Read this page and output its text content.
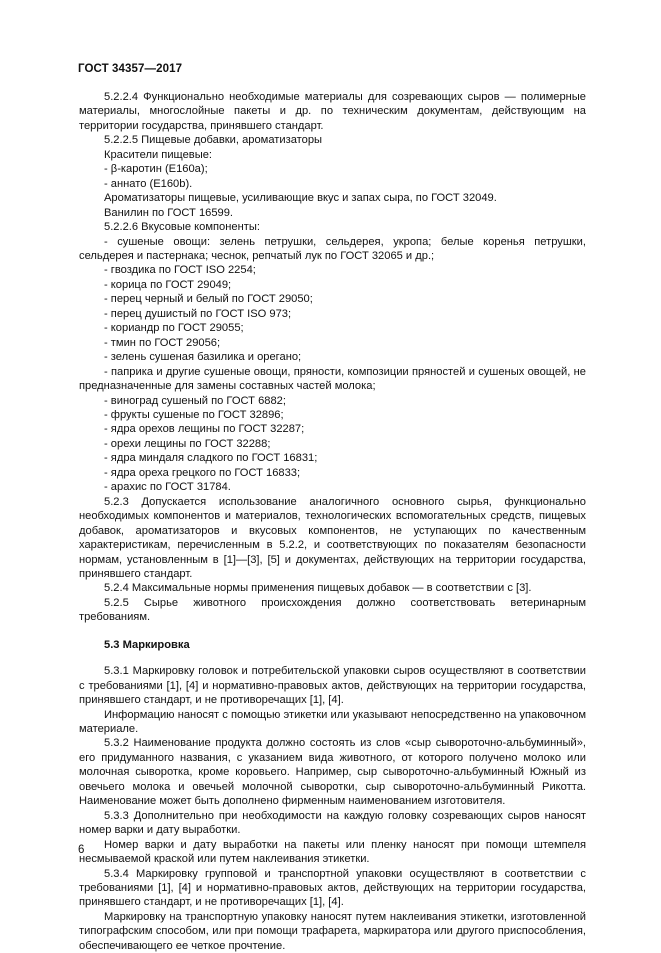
ГОСТ 34357—2017

5.2.2.4 Функционально необходимые материалы для созревающих сыров — полимерные материалы, многослойные пакеты и др. по техническим документам, действующим на территории государства, принявшего стандарт.

5.2.2.5 Пищевые добавки, ароматизаторы

Красители пищевые:

- β-каротин (Е160а);

- аннато (Е160b).

Ароматизаторы пищевые, усиливающие вкус и запах сыра, по ГОСТ 32049.

Ванилин по ГОСТ 16599.

5.2.2.6 Вкусовые компоненты:

- сушеные овощи: зелень петрушки, сельдерея, укропа; белые коренья петрушки, сельдерея и пастернака; чеснок, репчатый лук по ГОСТ 32065 и др.;

- гвоздика по ГОСТ ISO 2254;

- корица по ГОСТ 29049;

- перец черный и белый по ГОСТ 29050;

- перец душистый по ГОСТ ISO 973;

- кориандр по ГОСТ 29055;

- тмин по ГОСТ 29056;

- зелень сушеная базилика и орегано;

- паприка и другие сушеные овощи, пряности, композиции пряностей и сушеных овощей, не предназначенные для замены составных частей молока;

- виноград сушеный по ГОСТ 6882;

- фрукты сушеные по ГОСТ 32896;

- ядра орехов лещины по ГОСТ 32287;

- орехи лещины по ГОСТ 32288;

- ядра миндаля сладкого по ГОСТ 16831;

- ядра ореха грецкого по ГОСТ 16833;

- арахис по ГОСТ 31784.

5.2.3 Допускается использование аналогичного основного сырья, функционально необходимых компонентов и материалов, технологических вспомогательных средств, пищевых добавок, ароматизаторов и вкусовых компонентов, не уступающих по качественным характеристикам, перечисленным в 5.2.2, и соответствующих по показателям безопасности нормам, установленным в [1]—[3], [5] и документах, действующих на территории государства, принявшего стандарт.

5.2.4 Максимальные нормы применения пищевых добавок — в соответствии с [3].

5.2.5 Сырье животного происхождения должно соответствовать ветеринарным требованиям.

5.3 Маркировка

5.3.1 Маркировку головок и потребительской упаковки сыров осуществляют в соответствии с требованиями [1], [4] и нормативно-правовых актов, действующих на территории государства, принявшего стандарт, и не противоречащих [1], [4].

Информацию наносят с помощью этикетки или указывают непосредственно на упаковочном материале.

5.3.2 Наименование продукта должно состоять из слов «сыр сывороточно-альбуминный», его придуманного названия, с указанием вида животного, от которого получено молоко или молочная сыворотка, кроме коровьего. Например, сыр сывороточно-альбуминный Южный из овечьего молока и овечьей молочной сыворотки, сыр сывороточно-альбуминный Рикотта. Наименование может быть дополнено фирменным наименованием изготовителя.

5.3.3 Дополнительно при необходимости на каждую головку созревающих сыров наносят номер варки и дату выработки.

Номер варки и дату выработки на пакеты или пленку наносят при помощи штемпеля несмываемой краской или путем наклеивания этикетки.

5.3.4 Маркировку групповой и транспортной упаковки осуществляют в соответствии с требованиями [1], [4] и нормативно-правовых актов, действующих на территории государства, принявшего стандарт, и не противоречащих [1], [4].

Маркировку на транспортную упаковку наносят путем наклеивания этикетки, изготовленной типографским способом, или при помощи трафарета, маркиратора или другого приспособления, обеспечивающего ее четкое прочтение.

6
